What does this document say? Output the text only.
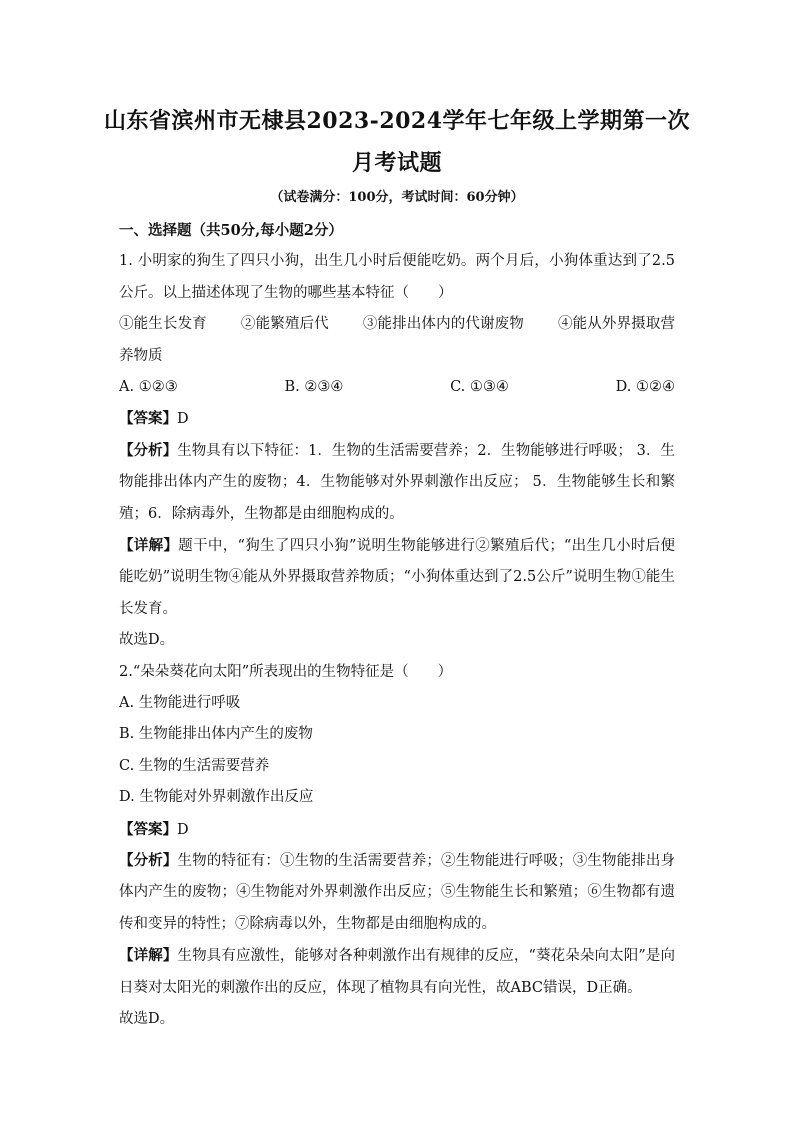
山东省滨州市无棣县2023-2024学年七年级上学期第一次
月考试题
（试卷满分：100分，考试时间：60分钟）
一、选择题（共50分,每小题2分）
1. 小明家的狗生了四只小狗，出生几小时后便能吃奶。两个月后，小狗体重达到了2.5公斤。以上描述体现了生物的哪些基本特征（　　）
①能生长发育　　 ②能繁殖后代　　 ③能排出体内的代谢废物　　 ④能从外界摄取营养物质
A. ①②③	B. ②③④	C. ①③④	D. ①②④
【答案】D
【分析】生物具有以下特征：1．生物的生活需要营养；2．生物能够进行呼吸； 3．生物能排出体内产生的废物；4．生物能够对外界刺激作出反应； 5．生物能够生长和繁殖；6．除病毒外，生物都是由细胞构成的。
【详解】题干中，“狗生了四只小狗”说明生物能够进行②繁殖后代；“出生几小时后便能吃奶”说明生物④能从外界摄取营养物质；“小狗体重达到了2.5公斤”说明生物①能生长发育。
故选D。
2.“朵朵葵花向太阳”所表现出的生物特征是（　　）
A. 生物能进行呼吸
B. 生物能排出体内产生的废物
C. 生物的生活需要营养
D. 生物能对外界刺激作出反应
【答案】D
【分析】生物的特征有：①生物的生活需要营养；②生物能进行呼吸；③生物能排出身体内产生的废物；④生物能对外界刺激作出反应；⑤生物能生长和繁殖；⑥生物都有遗传和变异的特性；⑦除病毒以外，生物都是由细胞构成的。
【详解】生物具有应激性，能够对各种刺激作出有规律的反应，“葵花朵朵向太阳”是向日葵对太阳光的刺激作出的反应，体现了植物具有向光性，故ABC错误，D正确。
故选D。
